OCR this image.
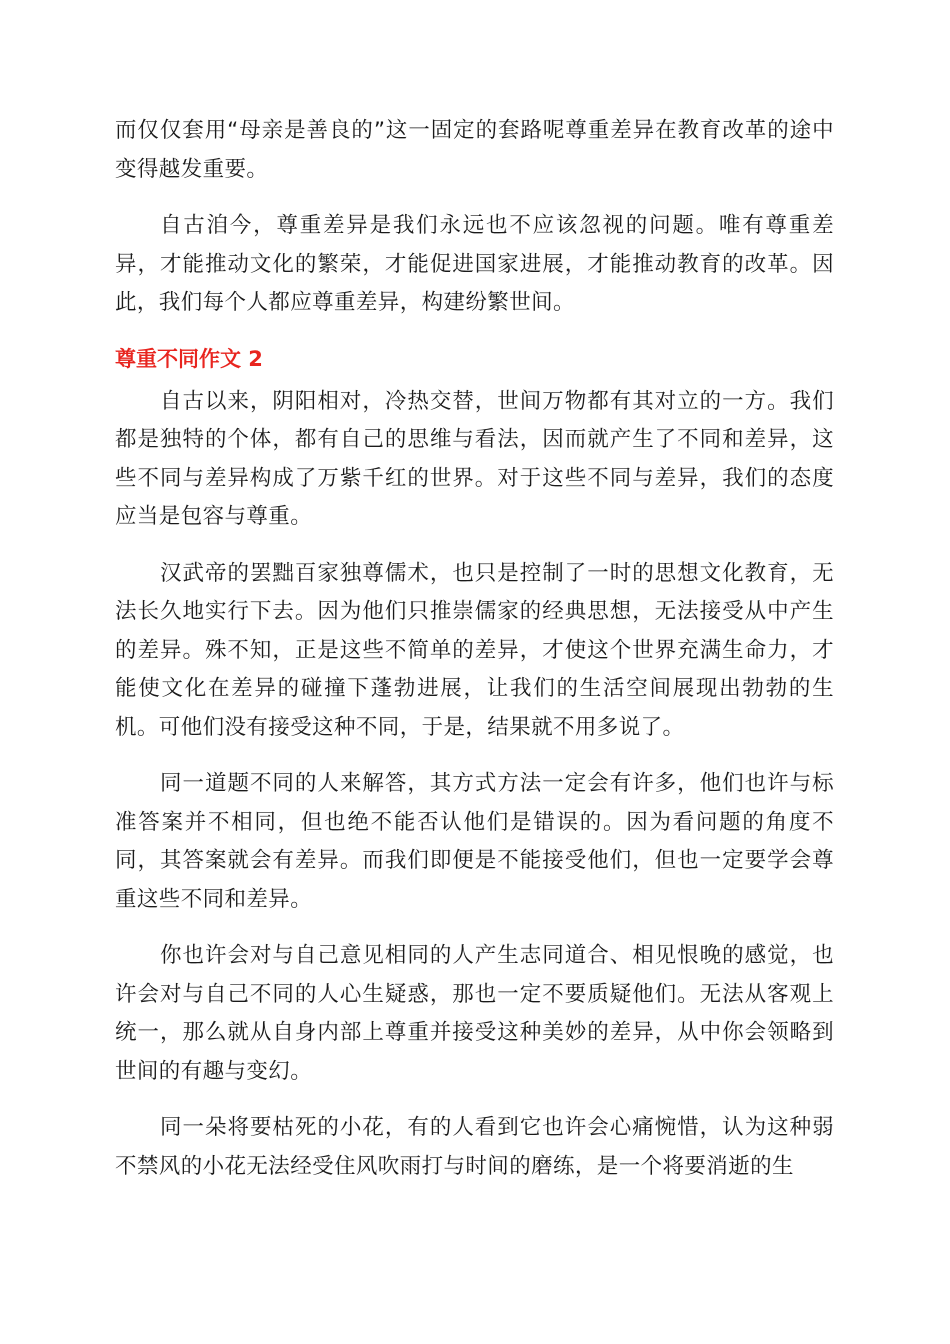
而仅仅套用“母亲是善良的”这一固定的套路呢尊重差异在教育改革的途中变得越发重要。

自古洎今，尊重差异是我们永远也不应该忽视的问题。唯有尊重差异，才能推动文化的繁荣，才能促进国家进展，才能推动教育的改革。因此，我们每个人都应尊重差异，构建纷繁世间。

尊重不同作文 2

自古以来，阴阳相对，冷热交替，世间万物都有其对立的一方。我们都是独特的个体，都有自己的思维与看法，因而就产生了不同和差异，这些不同与差异构成了万紫千红的世界。对于这些不同与差异，我们的态度应当是包容与尊重。

汉武帝的罢黜百家独尊儒术，也只是控制了一时的思想文化教育，无法长久地实行下去。因为他们只推崇儒家的经典思想，无法接受从中产生的差异。殊不知，正是这些不简单的差异，才使这个世界充满生命力，才能使文化在差异的碰撞下蓬勃进展，让我们的生活空间展现出勃勃的生机。可他们没有接受这种不同，于是，结果就不用多说了。

同一道题不同的人来解答，其方式方法一定会有许多，他们也许与标准答案并不相同，但也绝不能否认他们是错误的。因为看问题的角度不同，其答案就会有差异。而我们即便是不能接受他们，但也一定要学会尊重这些不同和差异。

你也许会对与自己意见相同的人产生志同道合、相见恨晚的感觉，也许会对与自己不同的人心生疑惑，那也一定不要质疑他们。无法从客观上统一，那么就从自身内部上尊重并接受这种美妙的差异，从中你会领略到世间的有趣与变幻。

同一朵将要枯死的小花，有的人看到它也许会心痛惋惜，认为这种弱不禁风的小花无法经受住风吹雨打与时间的磨练，是一个将要消逝的生
